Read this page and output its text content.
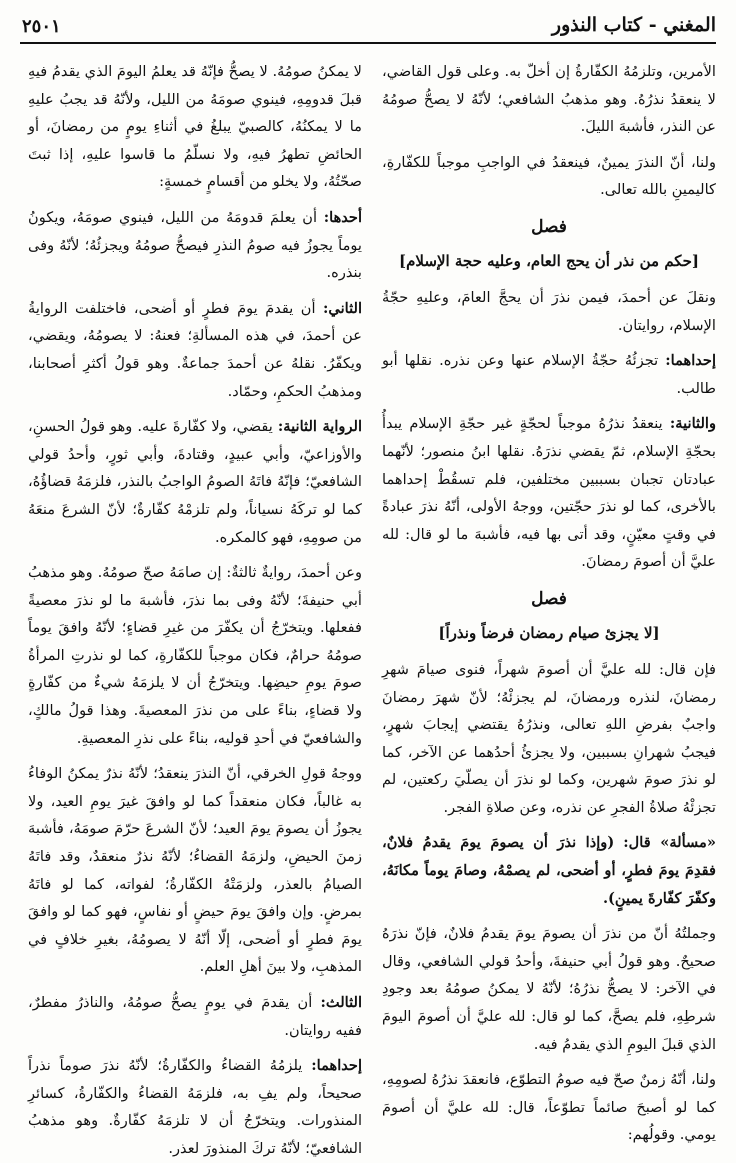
المغني - كتاب النذور
٢٥٠١

الأمرين، وتلزمُهُ الكفّارةُ إن أخلّ به. وعلى قول القاضي، لا ينعقدُ نذرُهُ. وهو مذهبُ الشافعي؛ لأنّهُ لا يصحُّ صومُهُ عن النذر، فأشبهَ الليلَ.

ولنا، أنّ النذرَ يمينٌ، فينعقدُ في الواجبِ موجباً للكفّارةِ، كاليمينِ بالله تعالى.

فصل
[حكم من نذر أن يحج العام، وعليه حجة الإسلام]

ونقلَ عن أحمدَ، فيمن نذرَ أن يحجَّ العامَ، وعليهِ حجّةُ الإسلام، روايتان.

إحداهما: تجزئُهُ حجّةُ الإسلام عنها وعن نذره. نقلها أبو طالب.

والثانية: ينعقدُ نذرُهُ موجباً لحجّةٍ غير حجّةِ الإسلام يبدأُ بحجّةِ الإسلام، ثمّ يقضي نذرَهُ. نقلها ابنُ منصور؛ لأنّهما عبادتان تجبان بسببين مختلفين، فلم تسقُطْ إحداهما بالأخرى، كما لو نذرَ حجّتين، ووجهُ الأولى، أنّهُ نذرَ عبادةً في وقتٍ معيّنٍ، وقد أتى بها فيه، فأشبهَ ما لو قال: لله عليَّ أن أصومَ رمضانَ.

فصل
[لا يجزئ صيام رمضان فرضاً ونذراً]

فإن قال: لله عليَّ أن أصومَ شهراً، فنوى صيامَ شهرِ رمضانَ، لنذره ورمضانَ، لم يجزئْهُ؛ لأنّ شهرَ رمضانَ واجبٌ بفرضِ اللهِ تعالى، ونذرُهُ يقتضي إيجابَ شهرٍ، فيجبُ شهرانِ بسببين، ولا يجزئُ أحدُهما عن الآخر، كما لو نذرَ صومَ شهرين، وكما لو نذرَ أن يصلّيَ ركعتين، لم تجزئْهُ صلاةُ الفجرِ عن نذره، وعن صلاةِ الفجر.

«مسألة» قال: (وإذا نذرَ أن يصومَ يومَ يقدمُ فلانٌ، فقدِمَ يومَ فطرٍ، أو أضحى، لم يصمْهُ، وصامَ يوماً مكانَهُ، وكفّرَ كفّارةَ يمينٍ).

وجملتُهُ أنّ من نذرَ أن يصومَ يومَ يقدمُ فلانٌ، فإنّ نذرَهُ صحيحٌ. وهو قولُ أبي حنيفةَ، وأحدُ قولي الشافعي، وقال في الآخر: لا يصحُّ نذرُهُ؛ لأنّهُ لا يمكنُ صومُهُ بعد وجودِ شرطِهِ، فلم يصحَّ، كما لو قال: لله عليَّ أن أصومَ اليومَ الذي قبلَ اليومِ الذي يقدمُ فيه.

ولنا، أنّهُ زمنٌ صحّ فيه صومُ التطوّع، فانعقدَ نذرُهُ لصومِهِ، كما لو أصبحَ صائماً تطوّعاً، قال: لله عليَّ أن أصومَ يومي. وقولُهم:

لا يمكنُ صومُهُ. لا يصحُّ فإنّهُ قد يعلمُ اليومَ الذي يقدمُ فيهِ قبلَ قدومِهِ، فينوي صومَهُ من الليل، ولأنّهُ قد يجبُ عليهِ ما لا يمكنُهُ، كالصبيّ يبلغُ في أثناءِ يومٍ من رمضانَ، أو الحائضِ تطهرُ فيهِ، ولا نسلّمُ ما قاسوا عليهِ، إذا ثبتَ صحّتُهُ، ولا يخلو من أقسامٍ خمسةٍ:

أحدها: أن يعلمَ قدومَهُ من الليل، فينوي صومَهُ، ويكونُ يوماً يجوزُ فيه صومُ النذرِ فيصحُّ صومُهُ ويجزئُهُ؛ لأنّهُ وفى بنذره.

الثاني: أن يقدمَ يومَ فطرٍ أو أضحى، فاختلفت الروايةُ عن أحمدَ، في هذه المسألةِ؛ فعنهُ: لا يصومُهُ، ويقضي، ويكفّرُ. نقلهُ عن أحمدَ جماعةٌ. وهو قولُ أكثرِ أصحابنا، ومذهبُ الحكمِ، وحمّاد.

الرواية الثانية: يقضي، ولا كفّارةَ عليه. وهو قولُ الحسنِ، والأوزاعيّ، وأبي عبيدٍ، وقتادةَ، وأبي ثورٍ، وأحدُ قولي الشافعيّ؛ فإنّهُ فاتَهُ الصومُ الواجبُ بالنذر، فلزمَهُ قضاؤُهُ، كما لو تركَهُ نسياناً، ولم تلزمْهُ كفّارةٌ؛ لأنّ الشرعَ منعَهُ من صومِهِ، فهو كالمكره.

وعن أحمدَ، روايةٌ ثالثةٌ: إن صامَهُ صحّ صومُهُ. وهو مذهبُ أبي حنيفةَ؛ لأنّهُ وفى بما نذرَ، فأشبهَ ما لو نذرَ معصيةً ففعلها. ويتخرّجُ أن يكفّرَ من غيرِ قضاءٍ؛ لأنّهُ وافقَ يوماً صومُهُ حرامٌ، فكان موجباً للكفّارةِ، كما لو نذرتِ المرأةُ صومَ يومِ حيضِها. ويتخرّجُ أن لا يلزمَهُ شيءٌ من كفّارةٍ ولا قضاءٍ، بناءً على من نذرَ المعصيةَ. وهذا قولُ مالكٍ، والشافعيّ في أحدِ قوليه، بناءً على نذرِ المعصيةِ.

ووجهُ قولِ الخرقي، أنّ النذرَ ينعقدُ؛ لأنّهُ نذرٌ يمكنُ الوفاءُ به غالباً، فكان منعقداً كما لو وافقَ غيرَ يومِ العيد، ولا يجوزُ أن يصومَ يومَ العيد؛ لأنّ الشرعَ حرّمَ صومَهُ، فأشبهَ زمنَ الحيضِ، ولزمَهُ القضاءُ؛ لأنّهُ نذرٌ منعقدٌ، وقد فاتَهُ الصيامُ بالعذر، ولزمَتْهُ الكفّارةُ؛ لفواته، كما لو فاتَهُ بمرضٍ. وإن وافقَ يومَ حيضٍ أو نفاسٍ، فهو كما لو وافقَ يومَ فطرٍ أو أضحى، إلّا أنّهُ لا يصومُهُ، بغيرِ خلافٍ في المذهبِ، ولا بينَ أهلِ العلم.

الثالث: أن يقدمَ في يومٍ يصحُّ صومُهُ، والناذرُ مفطرٌ، ففيه روايتان.

إحداهما: يلزمُهُ القضاءُ والكفّارةُ؛ لأنّهُ نذرَ صوماً نذراً صحيحاً، ولم يفِ به، فلزمَهُ القضاءُ والكفّارةُ، كسائرِ المنذورات. ويتخرّجُ أن لا تلزمَهُ كفّارةٌ. وهو مذهبُ الشافعيّ؛ لأنّهُ تركَ المنذورَ لعذر.
